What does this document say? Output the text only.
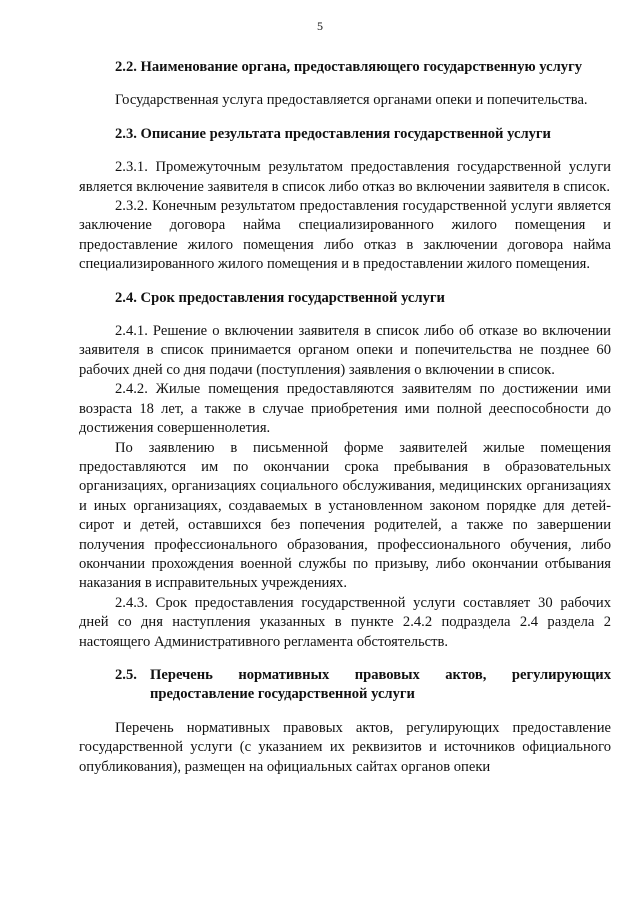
5

2.2. Наименование органа, предоставляющего государственную услугу

Государственная услуга предоставляется органами опеки и попечительства.

2.3. Описание результата предоставления государственной услуги

2.3.1. Промежуточным результатом предоставления государственной услуги является включение заявителя в список либо отказ во включении заявителя в список.

2.3.2. Конечным результатом предоставления государственной услуги является заключение договора найма специализированного жилого помещения и предоставление жилого помещения либо отказ в заключении договора найма специализированного жилого помещения и в предоставлении жилого помещения.

2.4. Срок предоставления государственной услуги

2.4.1. Решение о включении заявителя в список либо об отказе во включении заявителя в список принимается органом опеки и попечительства не позднее 60 рабочих дней со дня подачи (поступления) заявления о включении в список.

2.4.2. Жилые помещения предоставляются заявителям по достижении ими возраста 18 лет, а также в случае приобретения ими полной дееспособности до достижения совершеннолетия.

По заявлению в письменной форме заявителей жилые помещения предоставляются им по окончании срока пребывания в образовательных организациях, организациях социального обслуживания, медицинских организациях и иных организациях, создаваемых в установленном законом порядке для детей-сирот и детей, оставшихся без попечения родителей, а также по завершении получения профессионального образования, профессионального обучения, либо окончании прохождения военной службы по призыву, либо окончании отбывания наказания в исправительных учреждениях.

2.4.3. Срок предоставления государственной услуги составляет 30 рабочих дней со дня наступления указанных в пункте 2.4.2 подраздела 2.4 раздела 2 настоящего Административного регламента обстоятельств.

2.5. Перечень нормативных правовых актов, регулирующих
предоставление государственной услуги

Перечень нормативных правовых актов, регулирующих предоставление государственной услуги (с указанием их реквизитов и источников официального опубликования), размещен на официальных сайтах органов опеки
